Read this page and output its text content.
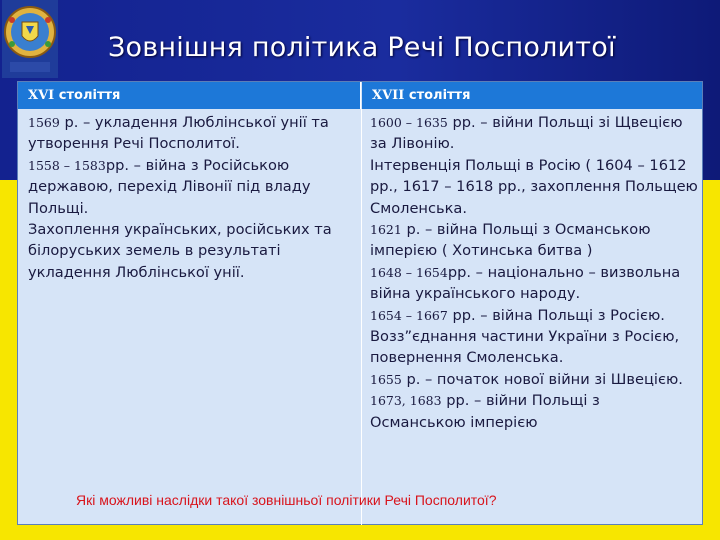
Зовнішня політика Речі Посполитої
XVI століття	XVII століття

1569 р. – укладення Люблінської унії та утворення Речі Посполитої.

1558 – 1583рр. – війна з Російською державою, перехід Лівонії під владу Польщі.

Захоплення українських, російських та білоруських земель в результаті укладення Люблінської унії.

1600 – 1635 рр. – війни Польщі зі Щвецією за Лівонію.

Інтервенція Польщі в Росію ( 1604 – 1612 рр., 1617 – 1618 рр., захоплення Польщею Смоленська.

1621 р. – війна Польщі з Османською імперією ( Хотинська битва )

1648 – 1654рр. – національно – визвольна війна українського народу.

1654 – 1667 рр. – війна Польщі з Росією. Возз”єднання частини України з Росією, повернення Смоленська.

1655 р. – початок нової війни зі Швецією.

1673, 1683 рр. – війни Польщі з Османською імперією

Які можливі наслідки такої зовнішньої політики Речі Посполитої?
